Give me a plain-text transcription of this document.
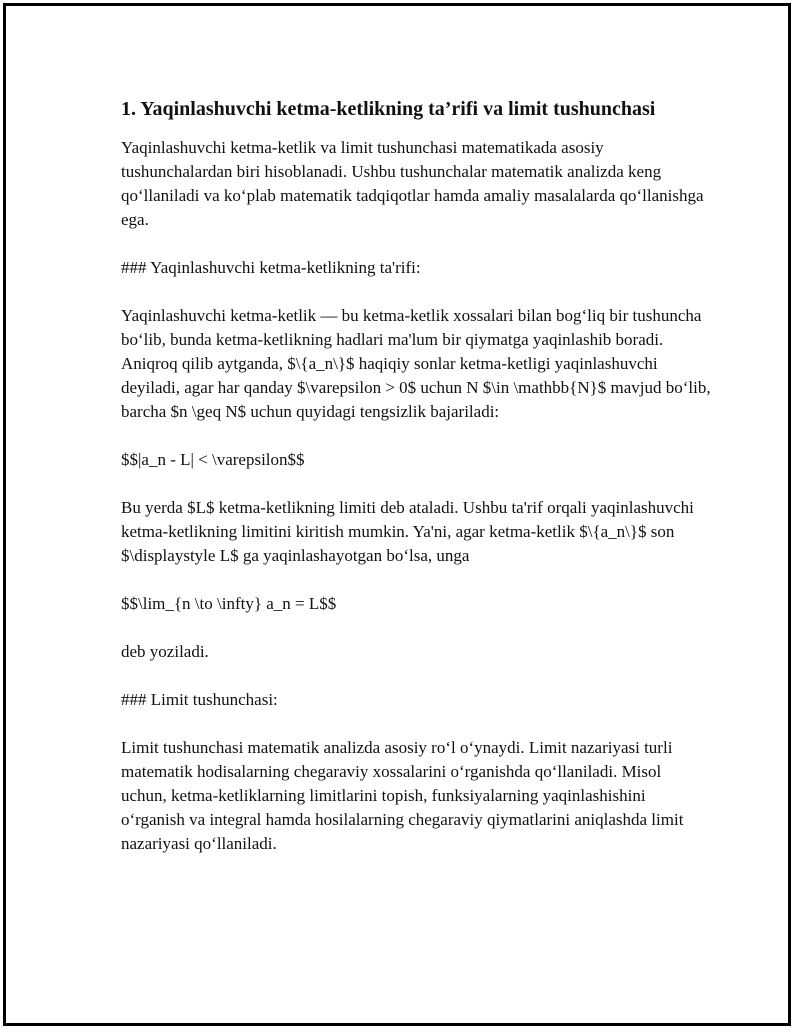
1. Yaqinlashuvchi ketma-ketlikning ta’rifi va limit tushunchasi

Yaqinlashuvchi ketma-ketlik va limit tushunchasi matematikada asosiy tushunchalardan biri hisoblanadi. Ushbu tushunchalar matematik analizda keng qo‘llaniladi va ko‘plab matematik tadqiqotlar hamda amaliy masalalarda qo‘llanishga ega.

### Yaqinlashuvchi ketma-ketlikning ta'rifi:

Yaqinlashuvchi ketma-ketlik — bu ketma-ketlik xossalari bilan bog‘liq bir tushuncha bo‘lib, bunda ketma-ketlikning hadlari ma'lum bir qiymatga yaqinlashib boradi. Aniqroq qilib aytganda, $\{a_n\}$ haqiqiy sonlar ketma-ketligi yaqinlashuvchi deyiladi, agar har qanday $\varepsilon > 0$ uchun N $\in \mathbb{N}$ mavjud bo‘lib, barcha $n \geq N$ uchun quyidagi tengsizlik bajariladi:

$$|a_n - L| < \varepsilon$$

Bu yerda $L$ ketma-ketlikning limiti deb ataladi. Ushbu ta'rif orqali yaqinlashuvchi ketma-ketlikning limitini kiritish mumkin. Ya'ni, agar ketma-ketlik $\{a_n\}$ son $\displaystyle L$ ga yaqinlashayotgan bo‘lsa, unga

$$\lim_{n \to \infty} a_n = L$$

deb yoziladi.

### Limit tushunchasi:

Limit tushunchasi matematik analizda asosiy ro‘l o‘ynaydi. Limit nazariyasi turli matematik hodisalarning chegaraviy xossalarini o‘rganishda qo‘llaniladi. Misol uchun, ketma-ketliklarning limitlarini topish, funksiyalarning yaqinlashishini o‘rganish va integral hamda hosilalarning chegaraviy qiymatlarini aniqlashda limit nazariyasi qo‘llaniladi.
